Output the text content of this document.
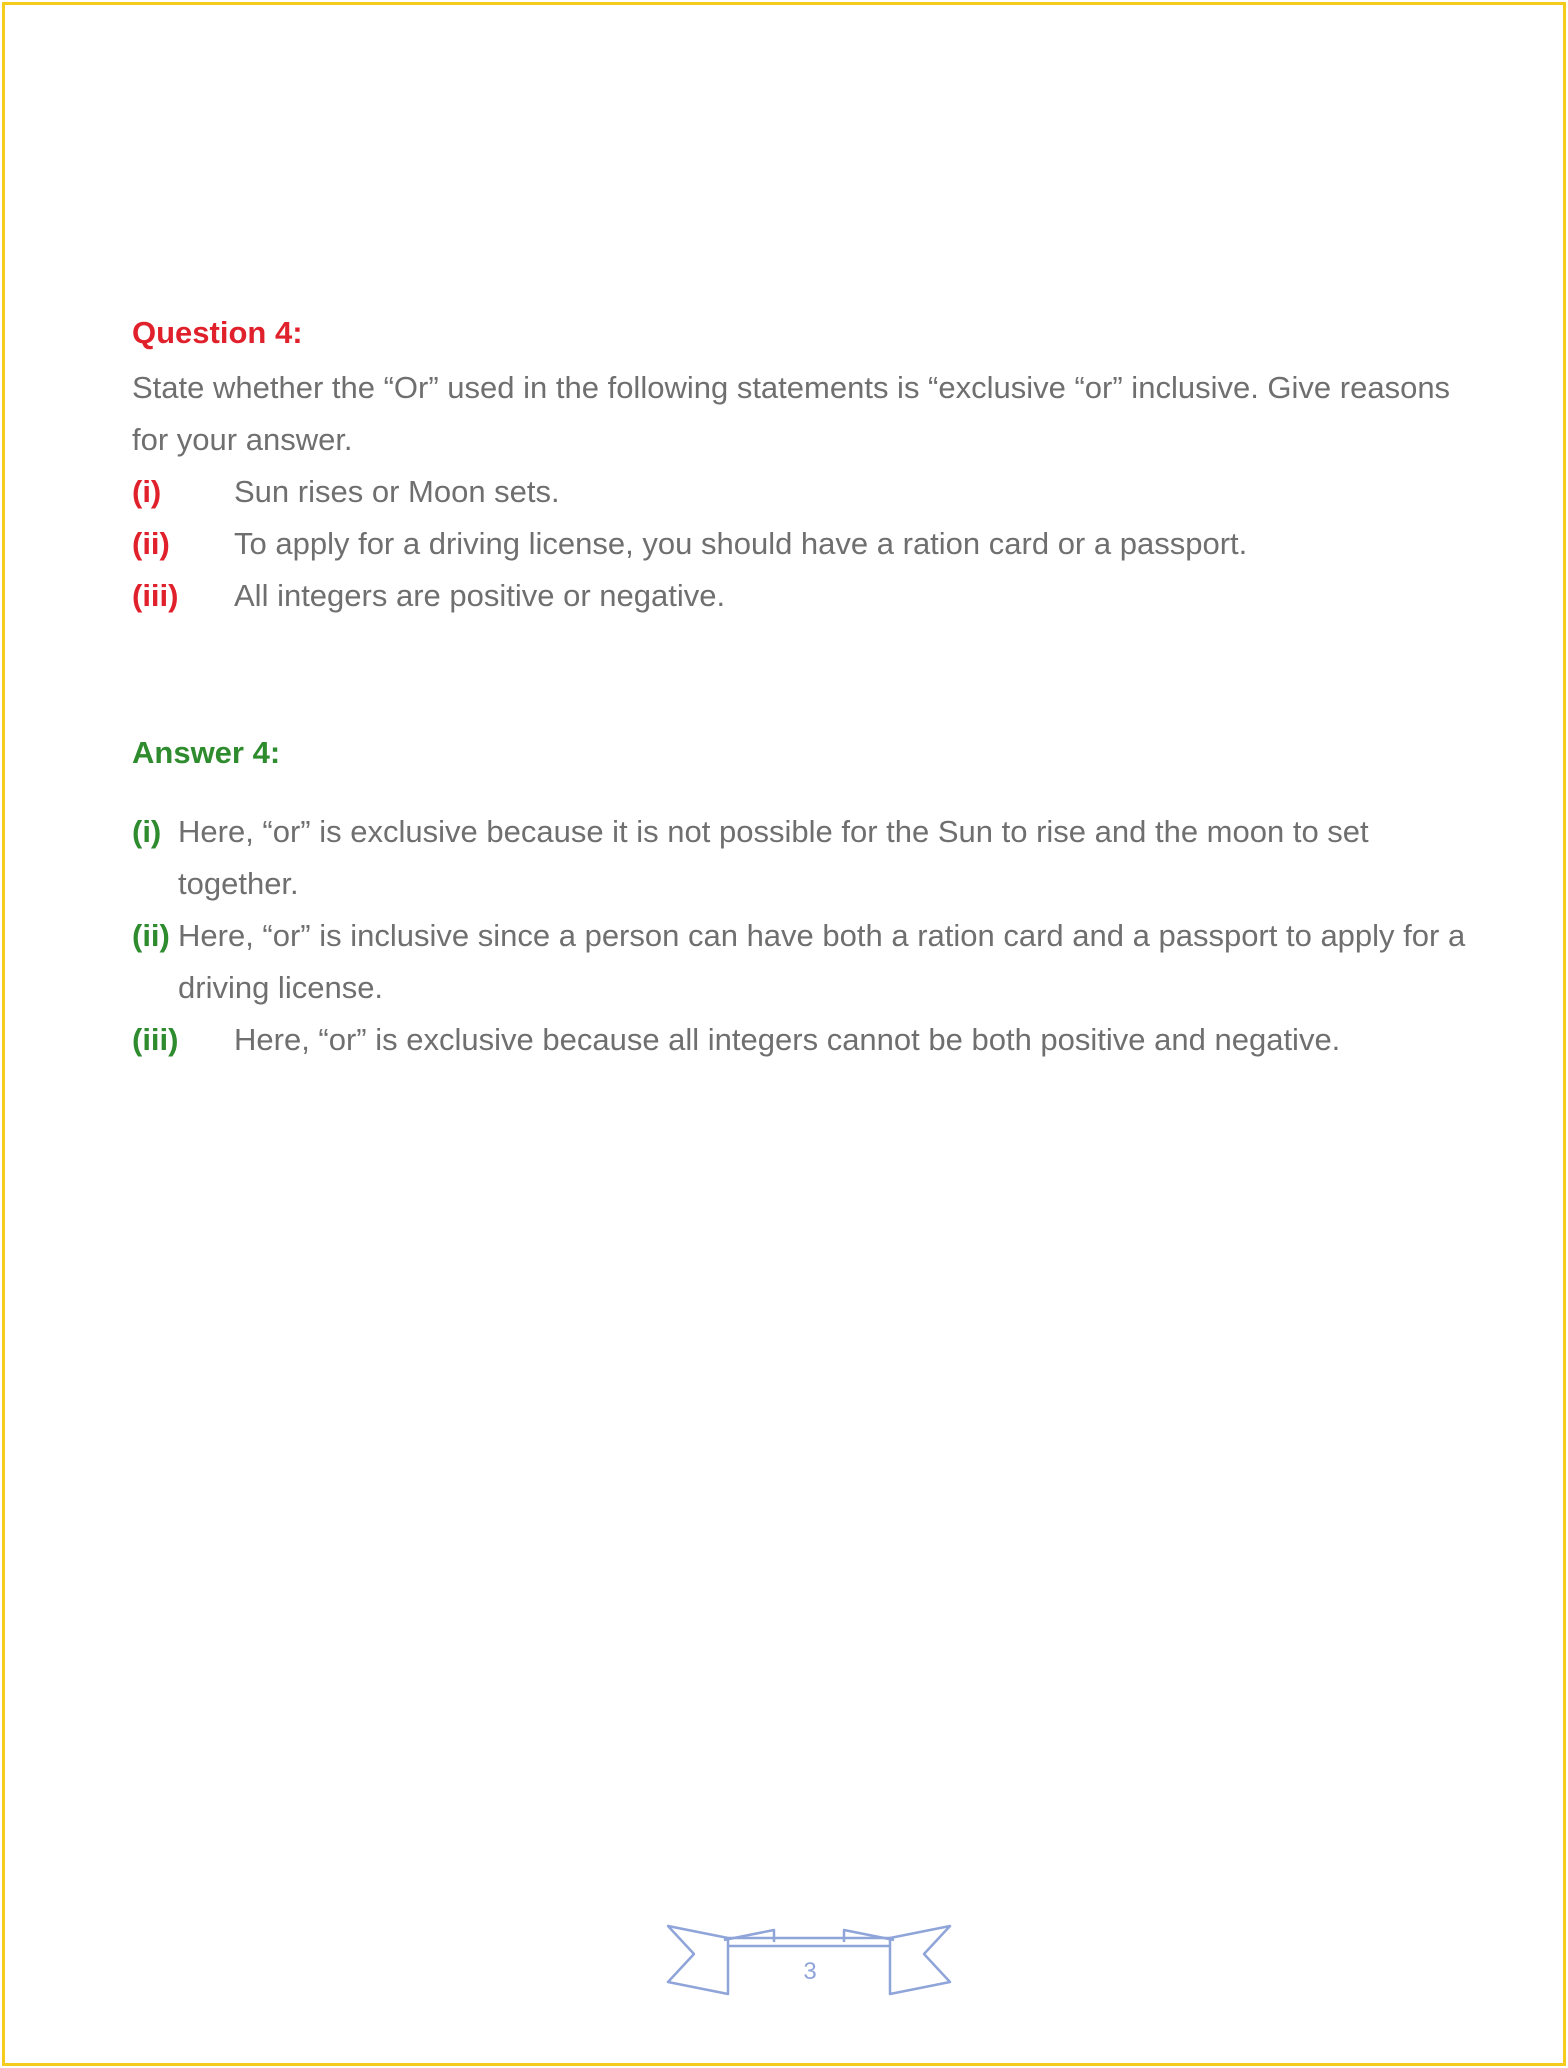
Question 4:
State whether the “Or” used in the following statements is “exclusive “or” inclusive. Give reasons for your answer.
(i)	Sun rises or Moon sets.
(ii)	To apply for a driving license, you should have a ration card or a passport.
(iii)	All integers are positive or negative.
Answer 4:
(i) Here, “or” is exclusive because it is not possible for the Sun to rise and the moon to set together.
(ii) Here, “or” is inclusive since a person can have both a ration card and a passport to apply for a driving license.
(iii)	Here, “or” is exclusive because all integers cannot be both positive and negative.
3
